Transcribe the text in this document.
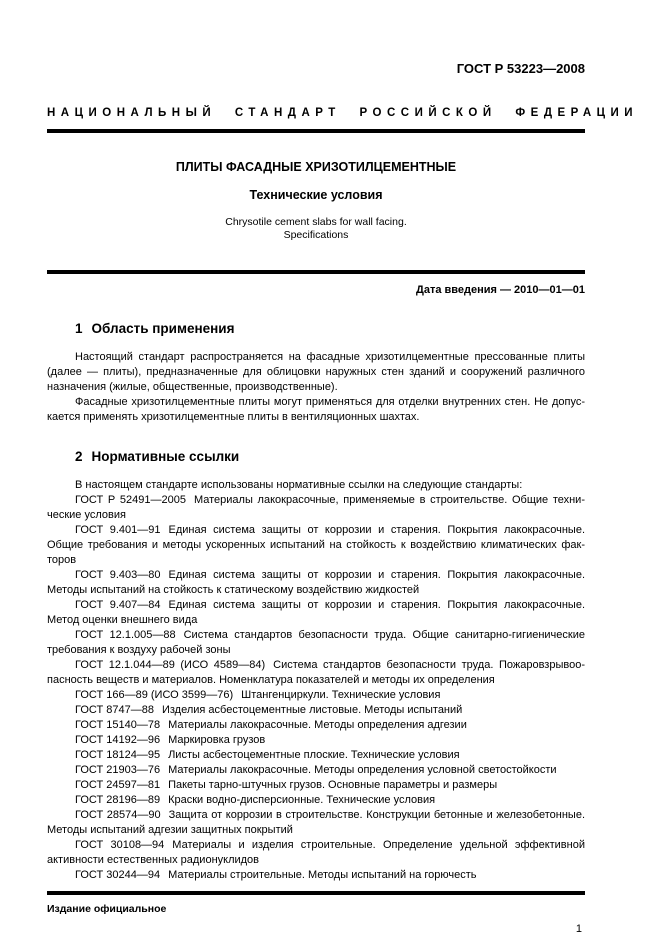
ГОСТ Р 53223—2008
НАЦИОНАЛЬНЫЙ СТАНДАРТ РОССИЙСКОЙ ФЕДЕРАЦИИ
ПЛИТЫ ФАСАДНЫЕ ХРИЗОТИЛЦЕМЕНТНЫЕ
Технические условия
Chrysotile cement slabs for wall facing.
Specifications
Дата введения — 2010—01—01
1 Область применения

Настоящий стандарт распространяется на фасадные хризотилцементные прессованные плиты (далее — плиты), предназначенные для облицовки наружных стен зданий и сооружений различного назначения (жилые, общественные, производственные).

Фасадные хризотилцементные плиты могут применяться для отделки внутренних стен. Не допускается применять хризотилцементные плиты в вентиляционных шахтах.

2 Нормативные ссылки

В настоящем стандарте использованы нормативные ссылки на следующие стандарты:

ГОСТ Р 52491—2005 Материалы лакокрасочные, применяемые в строительстве. Общие технические условия

ГОСТ 9.401—91 Единая система защиты от коррозии и старения. Покрытия лакокрасочные. Общие требования и методы ускоренных испытаний на стойкость к воздействию климатических факторов

ГОСТ 9.403—80 Единая система защиты от коррозии и старения. Покрытия лакокрасочные. Методы испытаний на стойкость к статическому воздействию жидкостей

ГОСТ 9.407—84 Единая система защиты от коррозии и старения. Покрытия лакокрасочные. Метод оценки внешнего вида

ГОСТ 12.1.005—88 Система стандартов безопасности труда. Общие санитарно-гигиенические требования к воздуху рабочей зоны

ГОСТ 12.1.044—89 (ИСО 4589—84) Система стандартов безопасности труда. Пожаровзрывоопасность веществ и материалов. Номенклатура показателей и методы их определения

ГОСТ 166—89 (ИСО 3599—76) Штангенциркули. Технические условия

ГОСТ 8747—88 Изделия асбестоцементные листовые. Методы испытаний

ГОСТ 15140—78 Материалы лакокрасочные. Методы определения адгезии

ГОСТ 14192—96 Маркировка грузов

ГОСТ 18124—95 Листы асбестоцементные плоские. Технические условия

ГОСТ 21903—76 Материалы лакокрасочные. Методы определения условной светостойкости

ГОСТ 24597—81 Пакеты тарно-штучных грузов. Основные параметры и размеры

ГОСТ 28196—89 Краски водно-дисперсионные. Технические условия

ГОСТ 28574—90 Защита от коррозии в строительстве. Конструкции бетонные и железобетонные. Методы испытаний адгезии защитных покрытий

ГОСТ 30108—94 Материалы и изделия строительные. Определение удельной эффективной активности естественных радионуклидов

ГОСТ 30244—94 Материалы строительные. Методы испытаний на горючесть

Издание официальное
1
